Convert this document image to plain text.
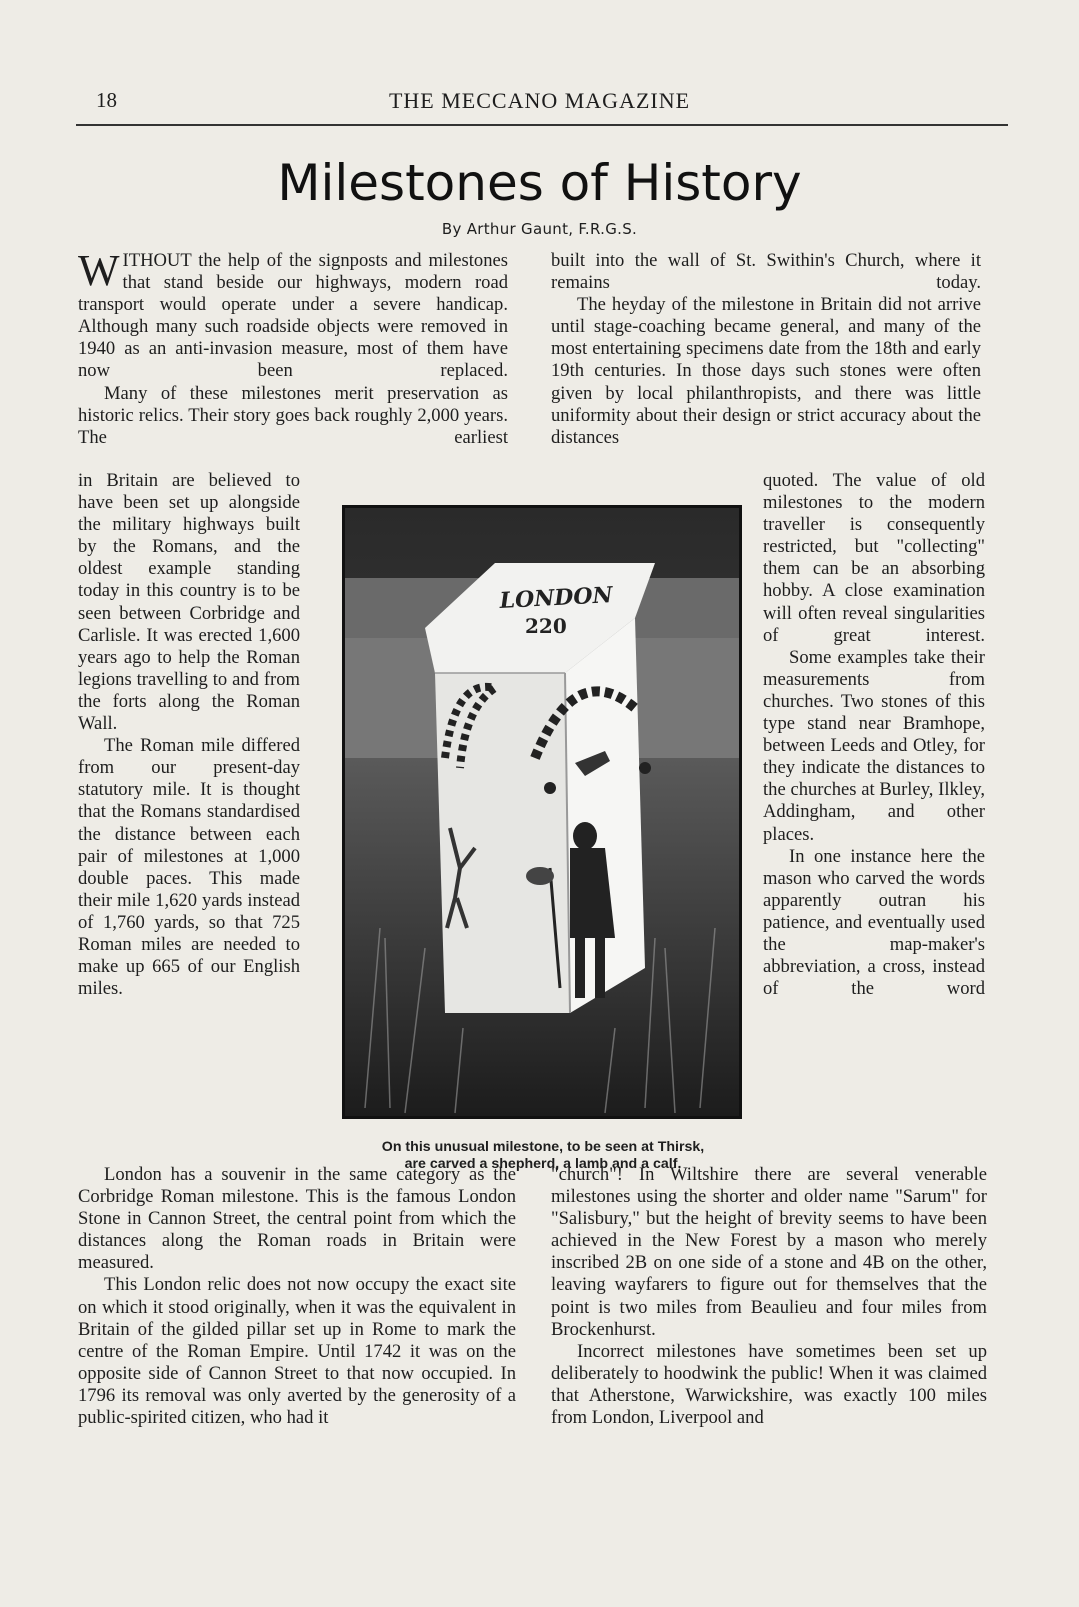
18	THE MECCANO MAGAZINE
Milestones of History
By Arthur Gaunt, F.R.G.S.
WITHOUT the help of the signposts and milestones that stand beside our highways, modern road transport would operate under a severe handicap. Although many such roadside objects were removed in 1940 as an anti-invasion measure, most of them have now been replaced.
Many of these milestones merit preservation as historic relics. Their story goes back roughly 2,000 years. The earliest
in Britain are believed to have been set up alongside the military highways built by the Romans, and the oldest example standing today in this country is to be seen between Corbridge and Carlisle. It was erected 1,600 years ago to help the Roman legions travelling to and from the forts along the Roman Wall.
The Roman mile differed from our present-day statutory mile. It is thought that the Romans standardised the distance between each pair of milestones at 1,000 double paces. This made their mile 1,620 yards instead of 1,760 yards, so that 725 Roman miles are needed to make up 665 of our English miles.
London has a souvenir in the same category as the Corbridge Roman milestone. This is the famous London Stone in Cannon Street, the central point from which the distances along the Roman roads in Britain were measured.
This London relic does not now occupy the exact site on which it stood originally, when it was the equivalent in Britain of the gilded pillar set up in Rome to mark the centre of the Roman Empire. Until 1742 it was on the opposite side of Cannon Street to that now occupied. In 1796 its removal was only averted by the generosity of a public-spirited citizen, who had it
built into the wall of St. Swithin's Church, where it remains today.
The heyday of the milestone in Britain did not arrive until stage-coaching became general, and many of the most entertaining specimens date from the 18th and early 19th centuries. In those days such stones were often given by local philanthropists, and there was little uniformity about their design or strict accuracy about the distances
quoted. The value of old milestones to the modern traveller is consequently restricted, but "collecting" them can be an absorbing hobby. A close examination will often reveal singularities of great interest.
Some examples take their measurements from churches. Two stones of this type stand near Bramhope, between Leeds and Otley, for they indicate the distances to the churches at Burley, Ilkley, Addingham, and other places.
In one instance here the mason who carved the words apparently outran his patience, and eventually used the map-maker's abbreviation, a cross, instead of the word
"church"! In Wiltshire there are several venerable milestones using the shorter and older name "Sarum" for "Salisbury," but the height of brevity seems to have been achieved in the New Forest by a mason who merely inscribed 2B on one side of a stone and 4B on the other, leaving wayfarers to figure out for themselves that the point is two miles from Beaulieu and four miles from Brockenhurst.
Incorrect milestones have sometimes been set up deliberately to hoodwink the public! When it was claimed that Atherstone, Warwickshire, was exactly 100 miles from London, Liverpool and
LONDON
220
On this unusual milestone, to be seen at Thirsk,
are carved a shepherd, a lamb and a calf.
